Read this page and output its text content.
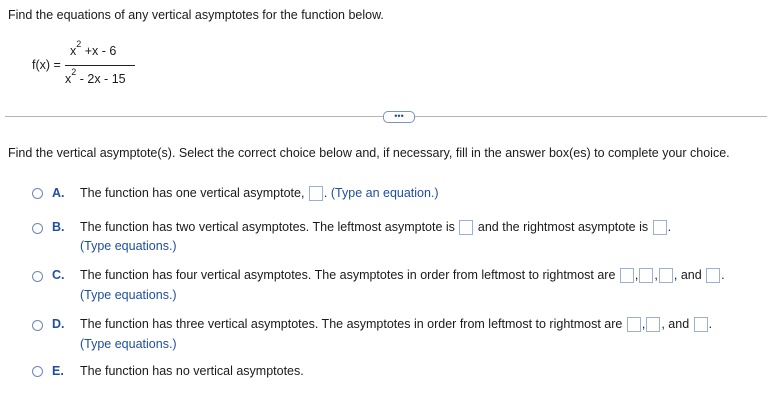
Find the equations of any vertical asymptotes for the function below.
f(x) =
$x^2 +x - 6$
$x^2 - 2x - 15$
•••
Find the vertical asymptote(s). Select the correct choice below and, if necessary, fill in the answer box(es) to complete your choice.
A. The function has one vertical asymptote, . (Type an equation.)
B. The function has two vertical asymptotes. The leftmost asymptote is and the rightmost asymptote is .
(Type equations.)
C. The function has four vertical asymptotes. The asymptotes in order from leftmost to rightmost are , , , and .
(Type equations.)
D. The function has three vertical asymptotes. The asymptotes in order from leftmost to rightmost are , , and .
(Type equations.)
E. The function has no vertical asymptotes.
